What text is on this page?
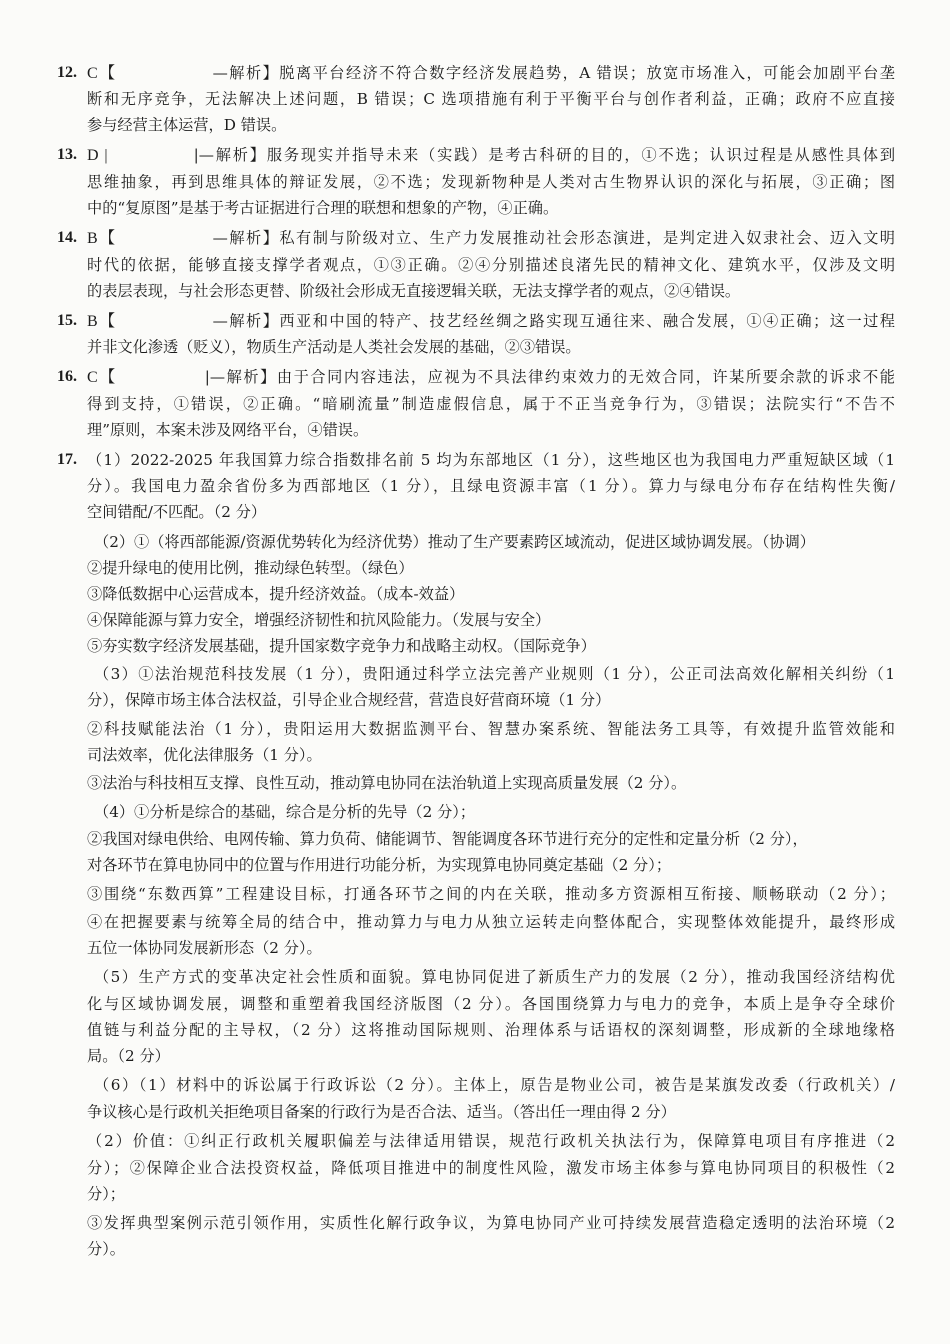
12. C【	—解析】脱离平台经济不符合数字经济发展趋势，A 错误；放宽市场准入，可能会加剧平台垄
断和无序竞争，无法解决上述问题，B 错误；C 选项措施有利于平衡平台与创作者利益，正确；政府不应直接
参与经营主体运营，D 错误。
13. D |	|—解析】服务现实并指导未来（实践）是考古科研的目的，①不选；认识过程是从感性具体到
思维抽象，再到思维具体的辩证发展，②不选；发现新物种是人类对古生物界认识的深化与拓展，③正确；图
中的“复原图”是基于考古证据进行合理的联想和想象的产物，④正确。
14. B【	—解析】私有制与阶级对立、生产力发展推动社会形态演进，是判定进入奴隶社会、迈入文明
时代的依据，能够直接支撑学者观点，①③正确。②④分别描述良渚先民的精神文化、建筑水平，仅涉及文明
的表层表现，与社会形态更替、阶级社会形成无直接逻辑关联，无法支撑学者的观点，②④错误。
15. B【	—解析】西亚和中国的特产、技艺经丝绸之路实现互通往来、融合发展，①④正确；这一过程
并非文化渗透（贬义），物质生产活动是人类社会发展的基础，②③错误。
16. C【	|—解析】由于合同内容违法，应视为不具法律约束效力的无效合同，许某所要余款的诉求不能
得到支持，①错误，②正确。“暗刷流量”制造虚假信息，属于不正当竞争行为，③错误；法院实行“不告不
理”原则，本案未涉及网络平台，④错误。
17. （1）2022-2025 年我国算力综合指数排名前 5 均为东部地区（1 分），这些地区也为我国电力严重短缺区域（1
分）。我国电力盈余省份多为西部地区（1 分），且绿电资源丰富（1 分）。算力与绿电分布存在结构性失衡/
空间错配/不匹配。（2 分）
（2）①（将西部能源/资源优势转化为经济优势）推动了生产要素跨区域流动，促进区域协调发展。（协调）
②提升绿电的使用比例，推动绿色转型。（绿色）
③降低数据中心运营成本，提升经济效益。（成本-效益）
④保障能源与算力安全，增强经济韧性和抗风险能力。（发展与安全）
⑤夯实数字经济发展基础，提升国家数字竞争力和战略主动权。（国际竞争）
（3）①法治规范科技发展（1 分），贵阳通过科学立法完善产业规则（1 分），公正司法高效化解相关纠纷（1
分），保障市场主体合法权益，引导企业合规经营，营造良好营商环境（1 分）
②科技赋能法治（1 分），贵阳运用大数据监测平台、智慧办案系统、智能法务工具等，有效提升监管效能和
司法效率，优化法律服务（1 分）。
③法治与科技相互支撑、良性互动，推动算电协同在法治轨道上实现高质量发展（2 分）。
（4）①分析是综合的基础，综合是分析的先导（2 分）；
②我国对绿电供给、电网传输、算力负荷、储能调节、智能调度各环节进行充分的定性和定量分析（2 分），
对各环节在算电协同中的位置与作用进行功能分析，为实现算电协同奠定基础（2 分）；
③围绕“东数西算”工程建设目标，打通各环节之间的内在关联，推动多方资源相互衔接、顺畅联动（2 分）；
④在把握要素与统筹全局的结合中，推动算力与电力从独立运转走向整体配合，实现整体效能提升，最终形成
五位一体协同发展新形态（2 分）。
（5）生产方式的变革决定社会性质和面貌。算电协同促进了新质生产力的发展（2 分），推动我国经济结构优
化与区域协调发展，调整和重塑着我国经济版图（2 分）。各国围绕算力与电力的竞争，本质上是争夺全球价
值链与利益分配的主导权，（2 分）这将推动国际规则、治理体系与话语权的深刻调整，形成新的全球地缘格
局。（2 分）
（6）（1）材料中的诉讼属于行政诉讼（2 分）。主体上，原告是物业公司，被告是某旗发改委（行政机关）/
争议核心是行政机关拒绝项目备案的行政行为是否合法、适当。（答出任一理由得 2 分）
（2）价值：①纠正行政机关履职偏差与法律适用错误，规范行政机关执法行为，保障算电项目有序推进（2
分）；②保障企业合法投资权益，降低项目推进中的制度性风险，激发市场主体参与算电协同项目的积极性（2
分）；
③发挥典型案例示范引领作用，实质性化解行政争议，为算电协同产业可持续发展营造稳定透明的法治环境（2
分）。
